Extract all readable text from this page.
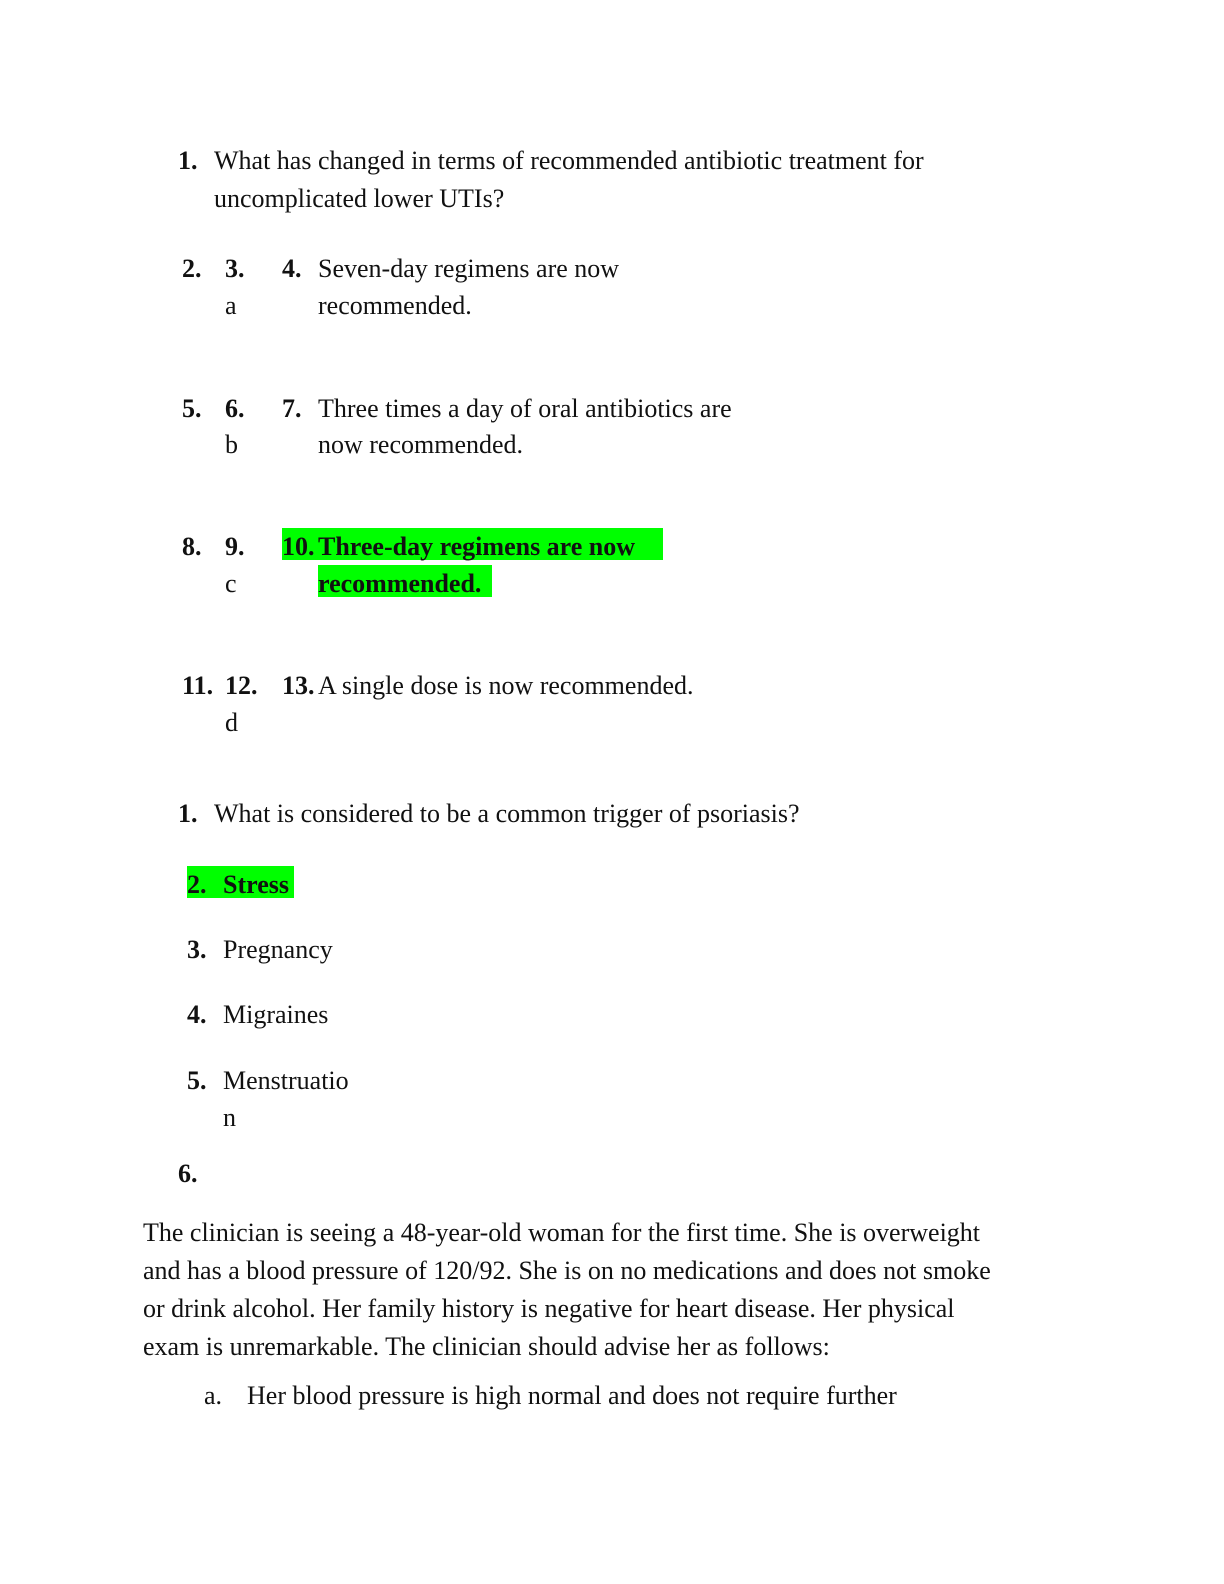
1. What has changed in terms of recommended antibiotic treatment for
uncomplicated lower UTIs?
2. 3.
a
4. Seven-day regimens are now
recommended.
5. 6.
b
7. Three times a day of oral antibiotics are
now recommended.
8. 9.
c
10. Three-day regimens are now
recommended.
11. 12.
d
13. A single dose is now recommended.
1. What is considered to be a common trigger of psoriasis?
2. Stress
3. Pregnancy
4. Migraines
5. Menstruatio
n
6.
The clinician is seeing a 48-year-old woman for the first time. She is overweight
and has a blood pressure of 120/92. She is on no medications and does not smoke
or drink alcohol. Her family history is negative for heart disease. Her physical
exam is unremarkable. The clinician should advise her as follows:
a. Her blood pressure is high normal and does not require further
